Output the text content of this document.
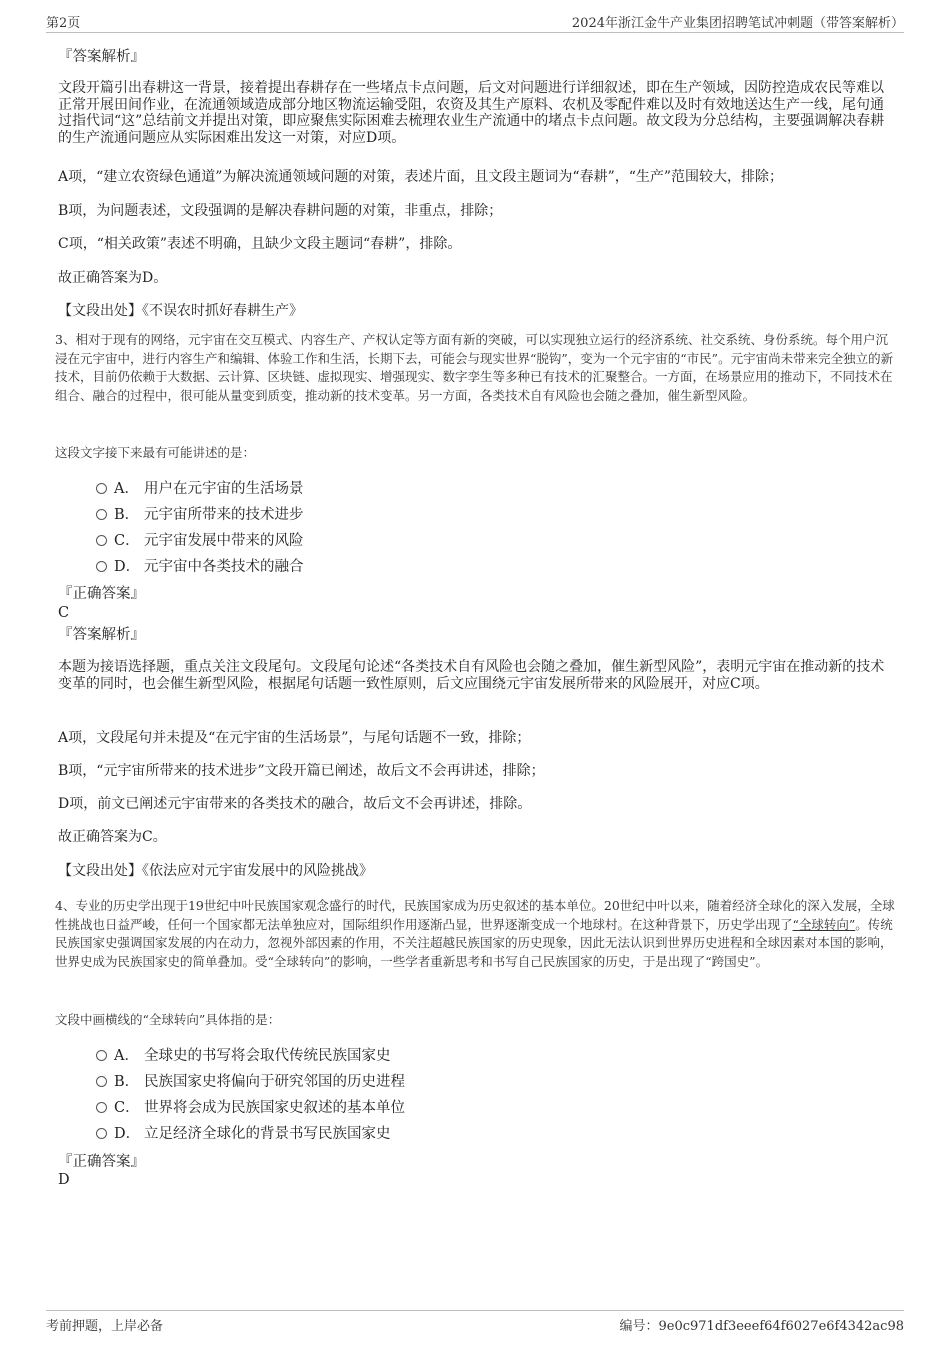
第2页	2024年浙江金牛产业集团招聘笔试冲刺题（带答案解析）
『答案解析』
文段开篇引出春耕这一背景，接着提出春耕存在一些堵点卡点问题，后文对问题进行详细叙述，即在生产领域，因防控造成农民等难以正常开展田间作业，在流通领域造成部分地区物流运输受阻，农资及其生产原料、农机及零配件难以及时有效地送达生产一线，尾句通过指代词“这”总结前文并提出对策，即应聚焦实际困难去梳理农业生产流通中的堵点卡点问题。故文段为分总结构，主要强调解决春耕的生产流通问题应从实际困难出发这一对策，对应D项。
A项，“建立农资绿色通道”为解决流通领域问题的对策，表述片面，且文段主题词为“春耕”，“生产”范围较大，排除；
B项，为问题表述，文段强调的是解决春耕问题的对策，非重点，排除；
C项，“相关政策”表述不明确，且缺少文段主题词“春耕”，排除。
故正确答案为D。
【文段出处】《不误农时抓好春耕生产》
3、相对于现有的网络，元宇宙在交互模式、内容生产、产权认定等方面有新的突破，可以实现独立运行的经济系统、社交系统、身份系统。每个用户沉浸在元宇宙中，进行内容生产和编辑、体验工作和生活，长期下去，可能会与现实世界“脱钩”，变为一个元宇宙的“市民”。元宇宙尚未带来完全独立的新技术，目前仍依赖于大数据、云计算、区块链、虚拟现实、增强现实、数字孪生等多种已有技术的汇聚整合。一方面，在场景应用的推动下，不同技术在组合、融合的过程中，很可能从量变到质变，推动新的技术变革。另一方面，各类技术自有风险也会随之叠加，催生新型风险。
这段文字接下来最有可能讲述的是：
A． 用户在元宇宙的生活场景
B． 元宇宙所带来的技术进步
C． 元宇宙发展中带来的风险
D． 元宇宙中各类技术的融合
『正确答案』
C
『答案解析』
本题为接语选择题，重点关注文段尾句。文段尾句论述“各类技术自有风险也会随之叠加，催生新型风险”，表明元宇宙在推动新的技术变革的同时，也会催生新型风险，根据尾句话题一致性原则，后文应围绕元宇宙发展所带来的风险展开，对应C项。
A项，文段尾句并未提及“在元宇宙的生活场景”，与尾句话题不一致，排除；
B项，“元宇宙所带来的技术进步”文段开篇已阐述，故后文不会再讲述，排除；
D项，前文已阐述元宇宙带来的各类技术的融合，故后文不会再讲述，排除。
故正确答案为C。
【文段出处】《依法应对元宇宙发展中的风险挑战》
4、专业的历史学出现于19世纪中叶民族国家观念盛行的时代，民族国家成为历史叙述的基本单位。20世纪中叶以来，随着经济全球化的深入发展，全球性挑战也日益严峻，任何一个国家都无法单独应对，国际组织作用逐渐凸显，世界逐渐变成一个地球村。在这种背景下，历史学出现了“全球转向”。传统民族国家史强调国家发展的内在动力，忽视外部因素的作用，不关注超越民族国家的历史现象，因此无法认识到世界历史进程和全球因素对本国的影响，世界史成为民族国家史的简单叠加。受“全球转向”的影响，一些学者重新思考和书写自己民族国家的历史，于是出现了“跨国史”。
文段中画横线的“全球转向”具体指的是：
A． 全球史的书写将会取代传统民族国家史
B． 民族国家史将偏向于研究邻国的历史进程
C． 世界将会成为民族国家史叙述的基本单位
D． 立足经济全球化的背景书写民族国家史
『正确答案』
D
考前押题，上岸必备	编号：9e0c971df3eeef64f6027e6f4342ac98
